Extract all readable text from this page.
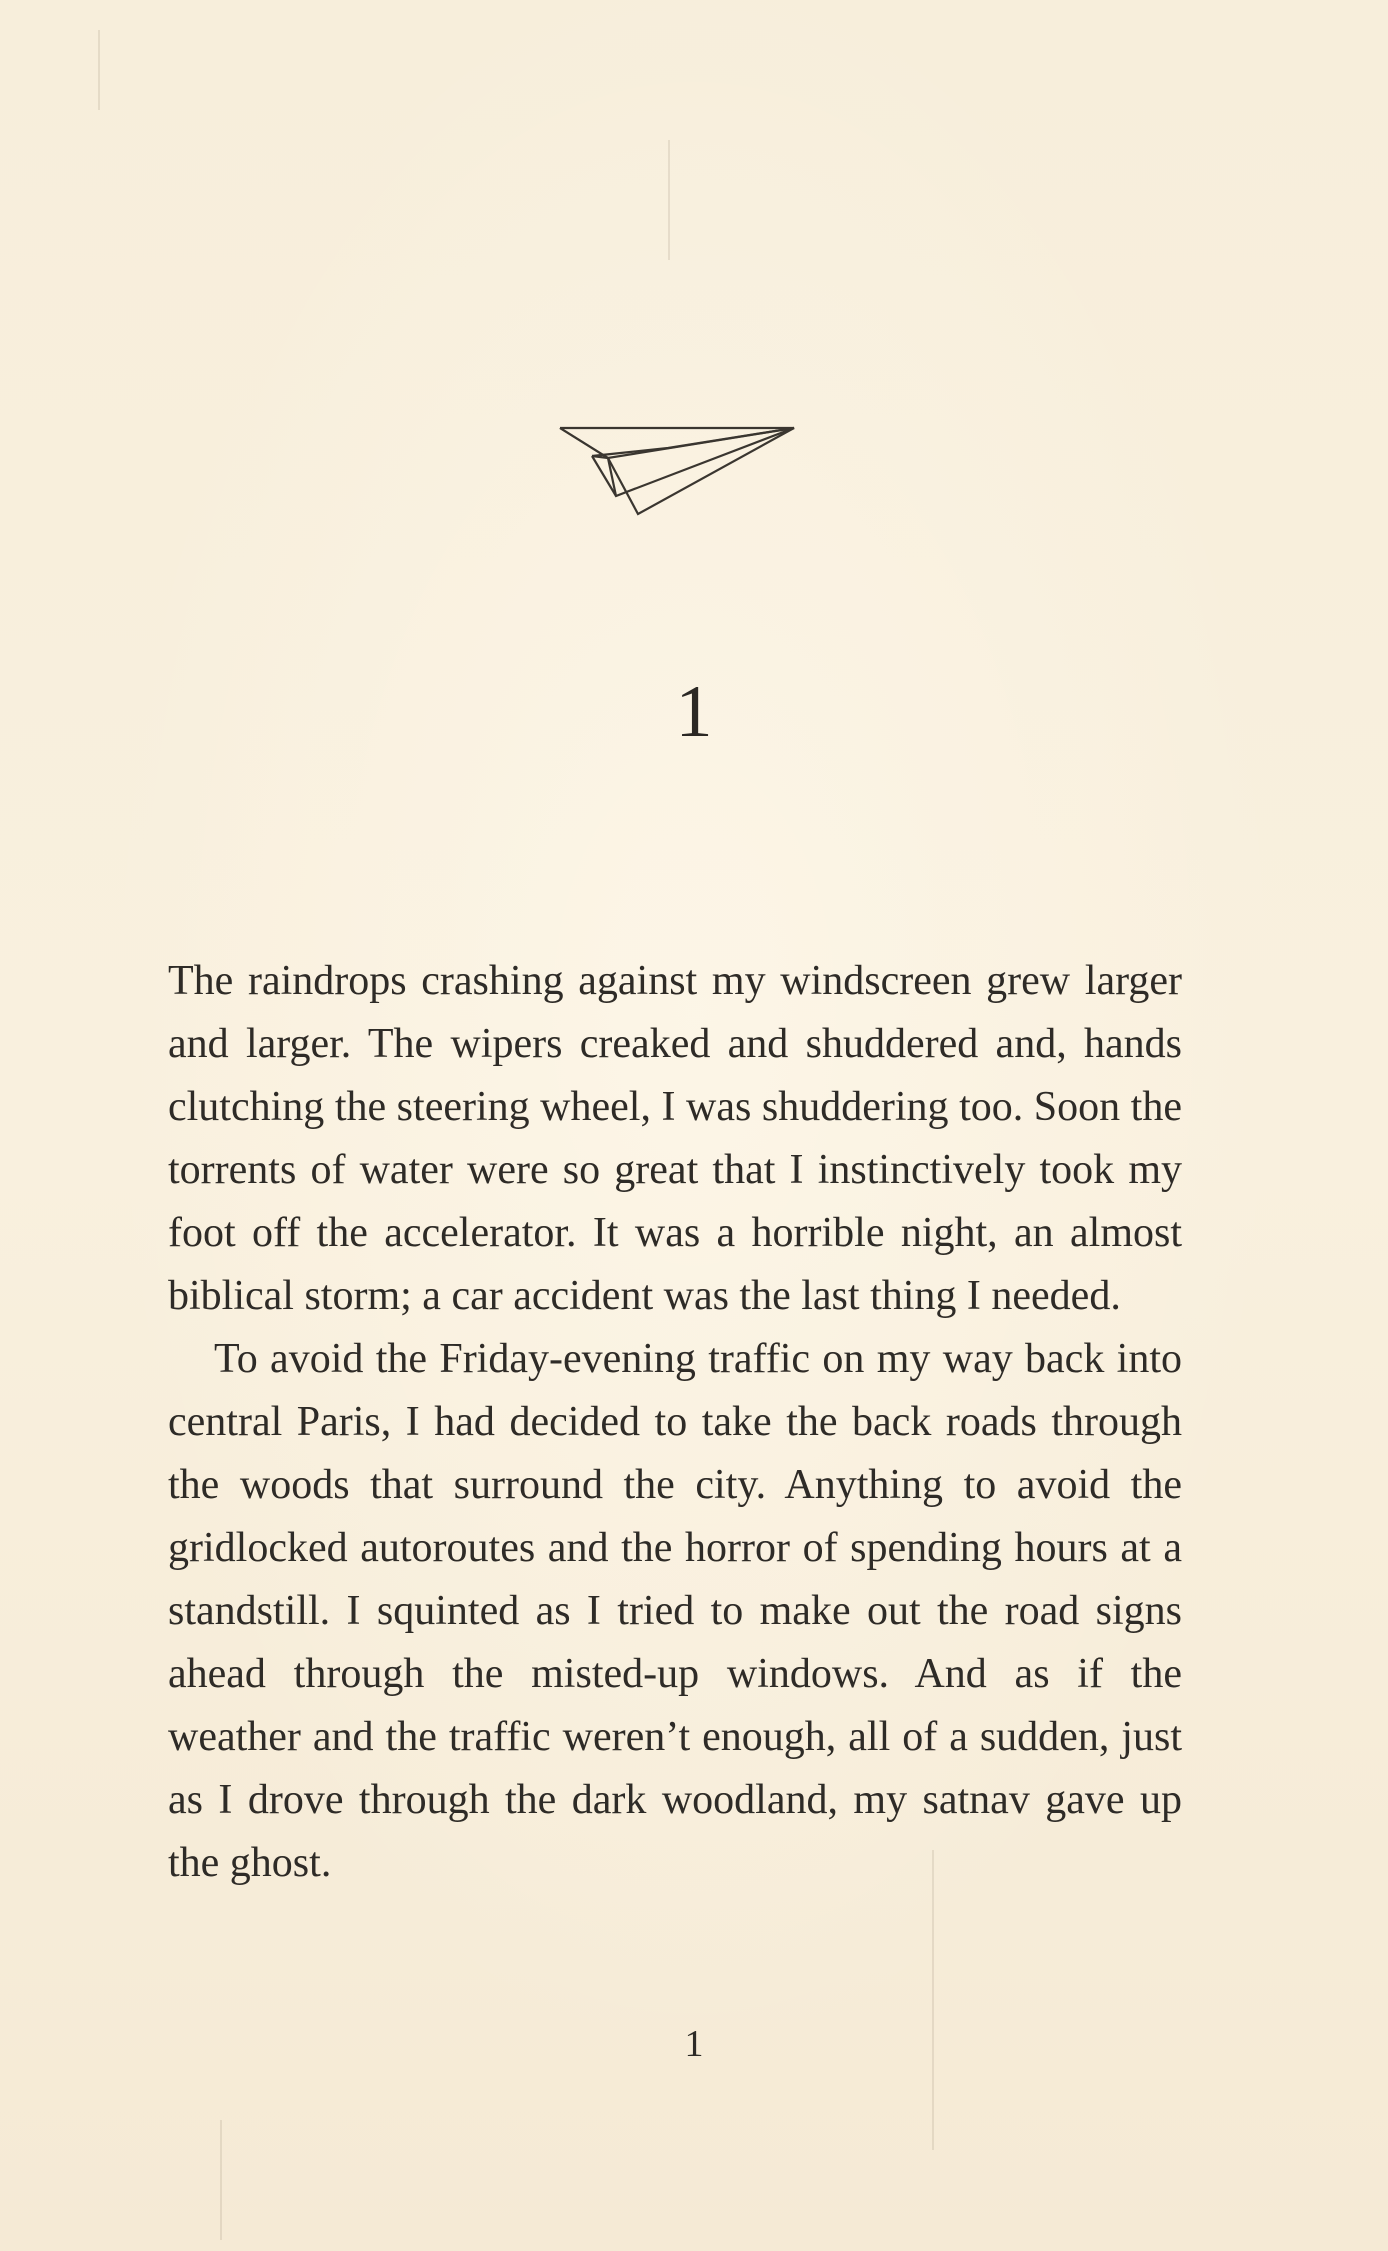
1

The raindrops crashing against my windscreen grew larger and larger. The wipers creaked and shuddered and, hands clutching the steering wheel, I was shuddering too. Soon the torrents of water were so great that I instinctively took my foot off the accelerator. It was a horrible night, an almost biblical storm; a car accident was the last thing I needed.

To avoid the Friday-evening traffic on my way back into central Paris, I had decided to take the back roads through the woods that surround the city. Anything to avoid the gridlocked autoroutes and the horror of spending hours at a standstill. I squinted as I tried to make out the road signs ahead through the misted-up windows. And as if the weather and the traffic weren’t enough, all of a sudden, just as I drove through the dark woodland, my satnav gave up the ghost.

1
